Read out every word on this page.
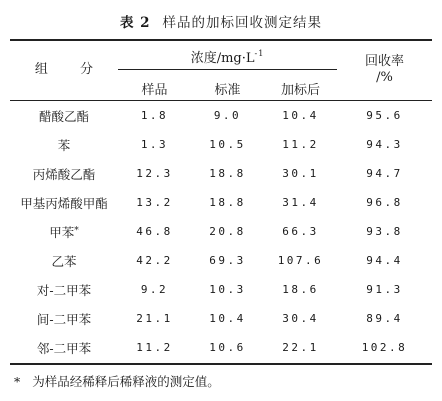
表 2 样品的加标回收测定结果
组 分
浓度$/mg\cdot L^{-1}$
样品	标准	加标后
回收率
/%
醋酸乙酯	1.8	9.0	10.4	95.6
苯	1.3	10.5	11.2	94.3
丙烯酸乙酯	12.3	18.8	30.1	94.7
甲基丙烯酸甲酯	13.2	18.8	31.4	96.8
甲苯*	46.8	20.8	66.3	93.8
乙苯	42.2	69.3	107.6	94.4
对-二甲苯	9.2	10.3	18.6	91.3
间-二甲苯	21.1	10.4	30.4	89.4
邻-二甲苯	11.2	10.6	22.1	102.8
* 为样品经稀释后稀释液的测定值。
